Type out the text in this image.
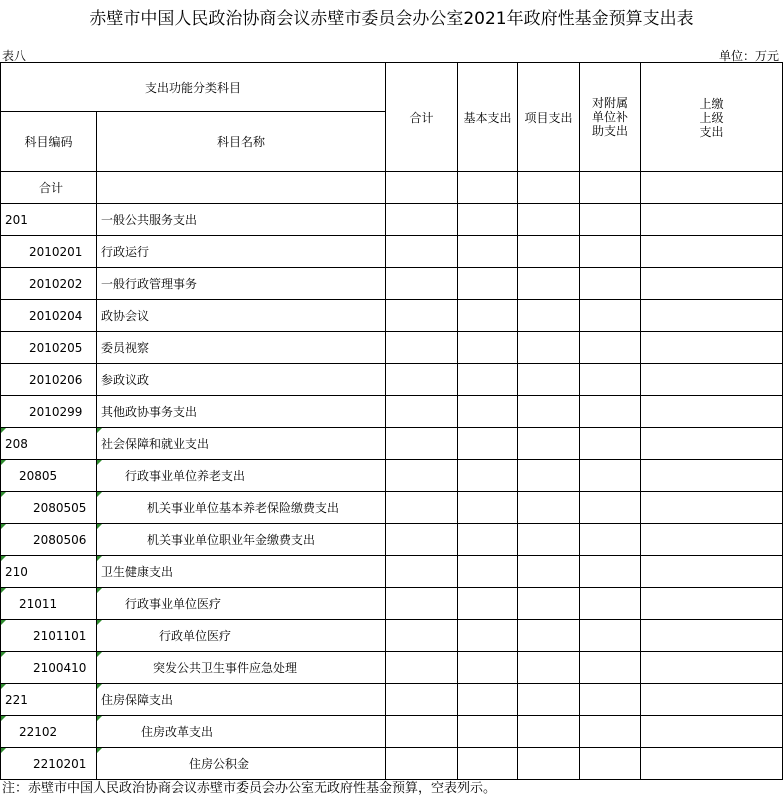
赤壁市中国人民政治协商会议赤壁市委员会办公室2021年政府性基金预算支出表
表八	单位：万元
支出功能分类科目
科目编码	科目名称
合计	基本支出	项目支出
对附属单位补助支出
上缴上级支出
合计
201	一般公共服务支出
2010201 行政运行
2010202 一般行政管理事务
2010204 政协会议
2010205 委员视察
2010206 参政议政
2010299 其他政协事务支出
208	社会保障和就业支出
20805	行政事业单位养老支出
2080505	机关事业单位基本养老保险缴费支出
2080506	机关事业单位职业年金缴费支出
210	卫生健康支出
21011	行政事业单位医疗
2101101	行政单位医疗
2100410	突发公共卫生事件应急处理
221	住房保障支出
22102	住房改革支出
2210201	住房公积金
注：赤壁市中国人民政治协商会议赤壁市委员会办公室无政府性基金预算，空表列示。
